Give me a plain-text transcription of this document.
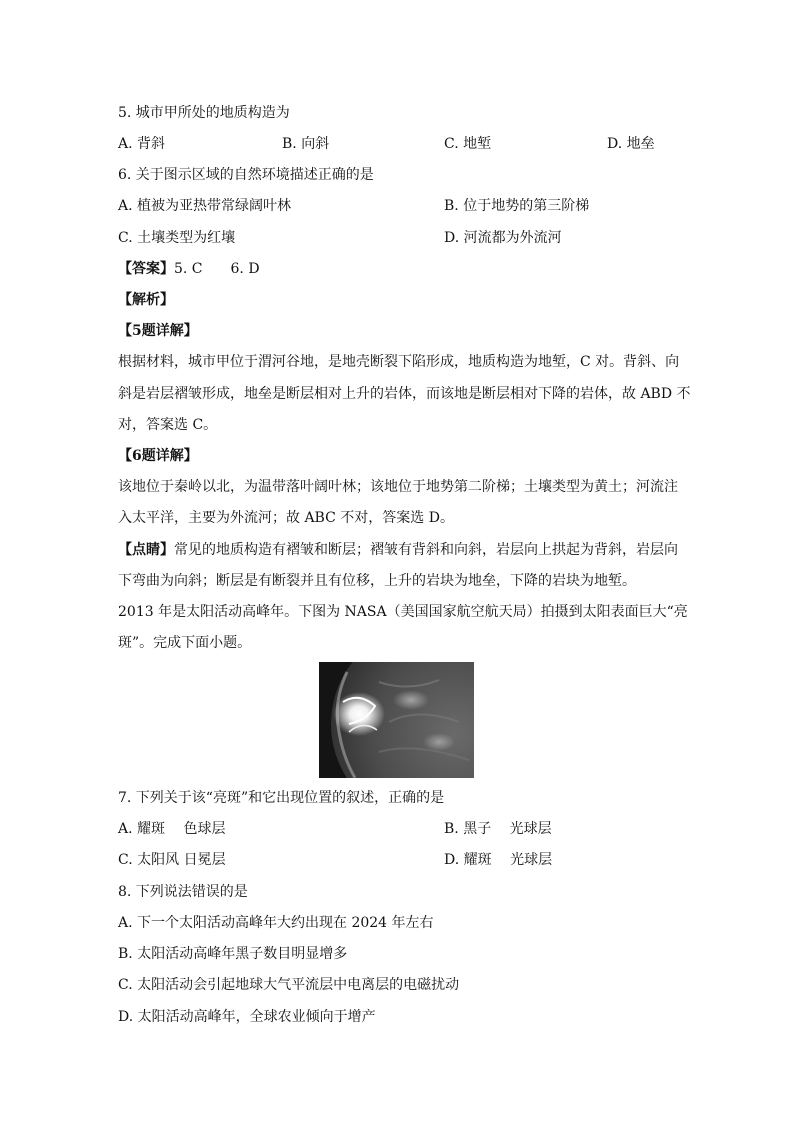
5. 城市甲所处的地质构造为
A. 背斜	B. 向斜	C. 地堑	D. 地垒
6. 关于图示区域的自然环境描述正确的是
A. 植被为亚热带常绿阔叶林	B. 位于地势的第三阶梯
C. 土壤类型为红壤	D. 河流都为外流河
【答案】5. C　　6. D
【解析】
【5题详解】
根据材料，城市甲位于渭河谷地，是地壳断裂下陷形成，地质构造为地堑，C 对。背斜、向
斜是岩层褶皱形成，地垒是断层相对上升的岩体，而该地是断层相对下降的岩体，故 ABD 不
对，答案选 C。
【6题详解】
该地位于秦岭以北，为温带落叶阔叶林；该地位于地势第二阶梯；土壤类型为黄土；河流注
入太平洋，主要为外流河；故 ABC 不对，答案选 D。
【点睛】常见的地质构造有褶皱和断层；褶皱有背斜和向斜，岩层向上拱起为背斜，岩层向
下弯曲为向斜；断层是有断裂并且有位移，上升的岩块为地垒，下降的岩块为地堑。
2013 年是太阳活动高峰年。下图为 NASA（美国国家航空航天局）拍摄到太阳表面巨大“亮
斑”。完成下面小题。
7. 下列关于该“亮斑”和它出现位置的叙述，正确的是
A. 耀斑　 色球层	B. 黑子　 光球层
C. 太阳风 日冕层	D. 耀斑　 光球层
8. 下列说法错误的是
A. 下一个太阳活动高峰年大约出现在 2024 年左右
B. 太阳活动高峰年黑子数目明显增多
C. 太阳活动会引起地球大气平流层中电离层的电磁扰动
D. 太阳活动高峰年，全球农业倾向于增产
